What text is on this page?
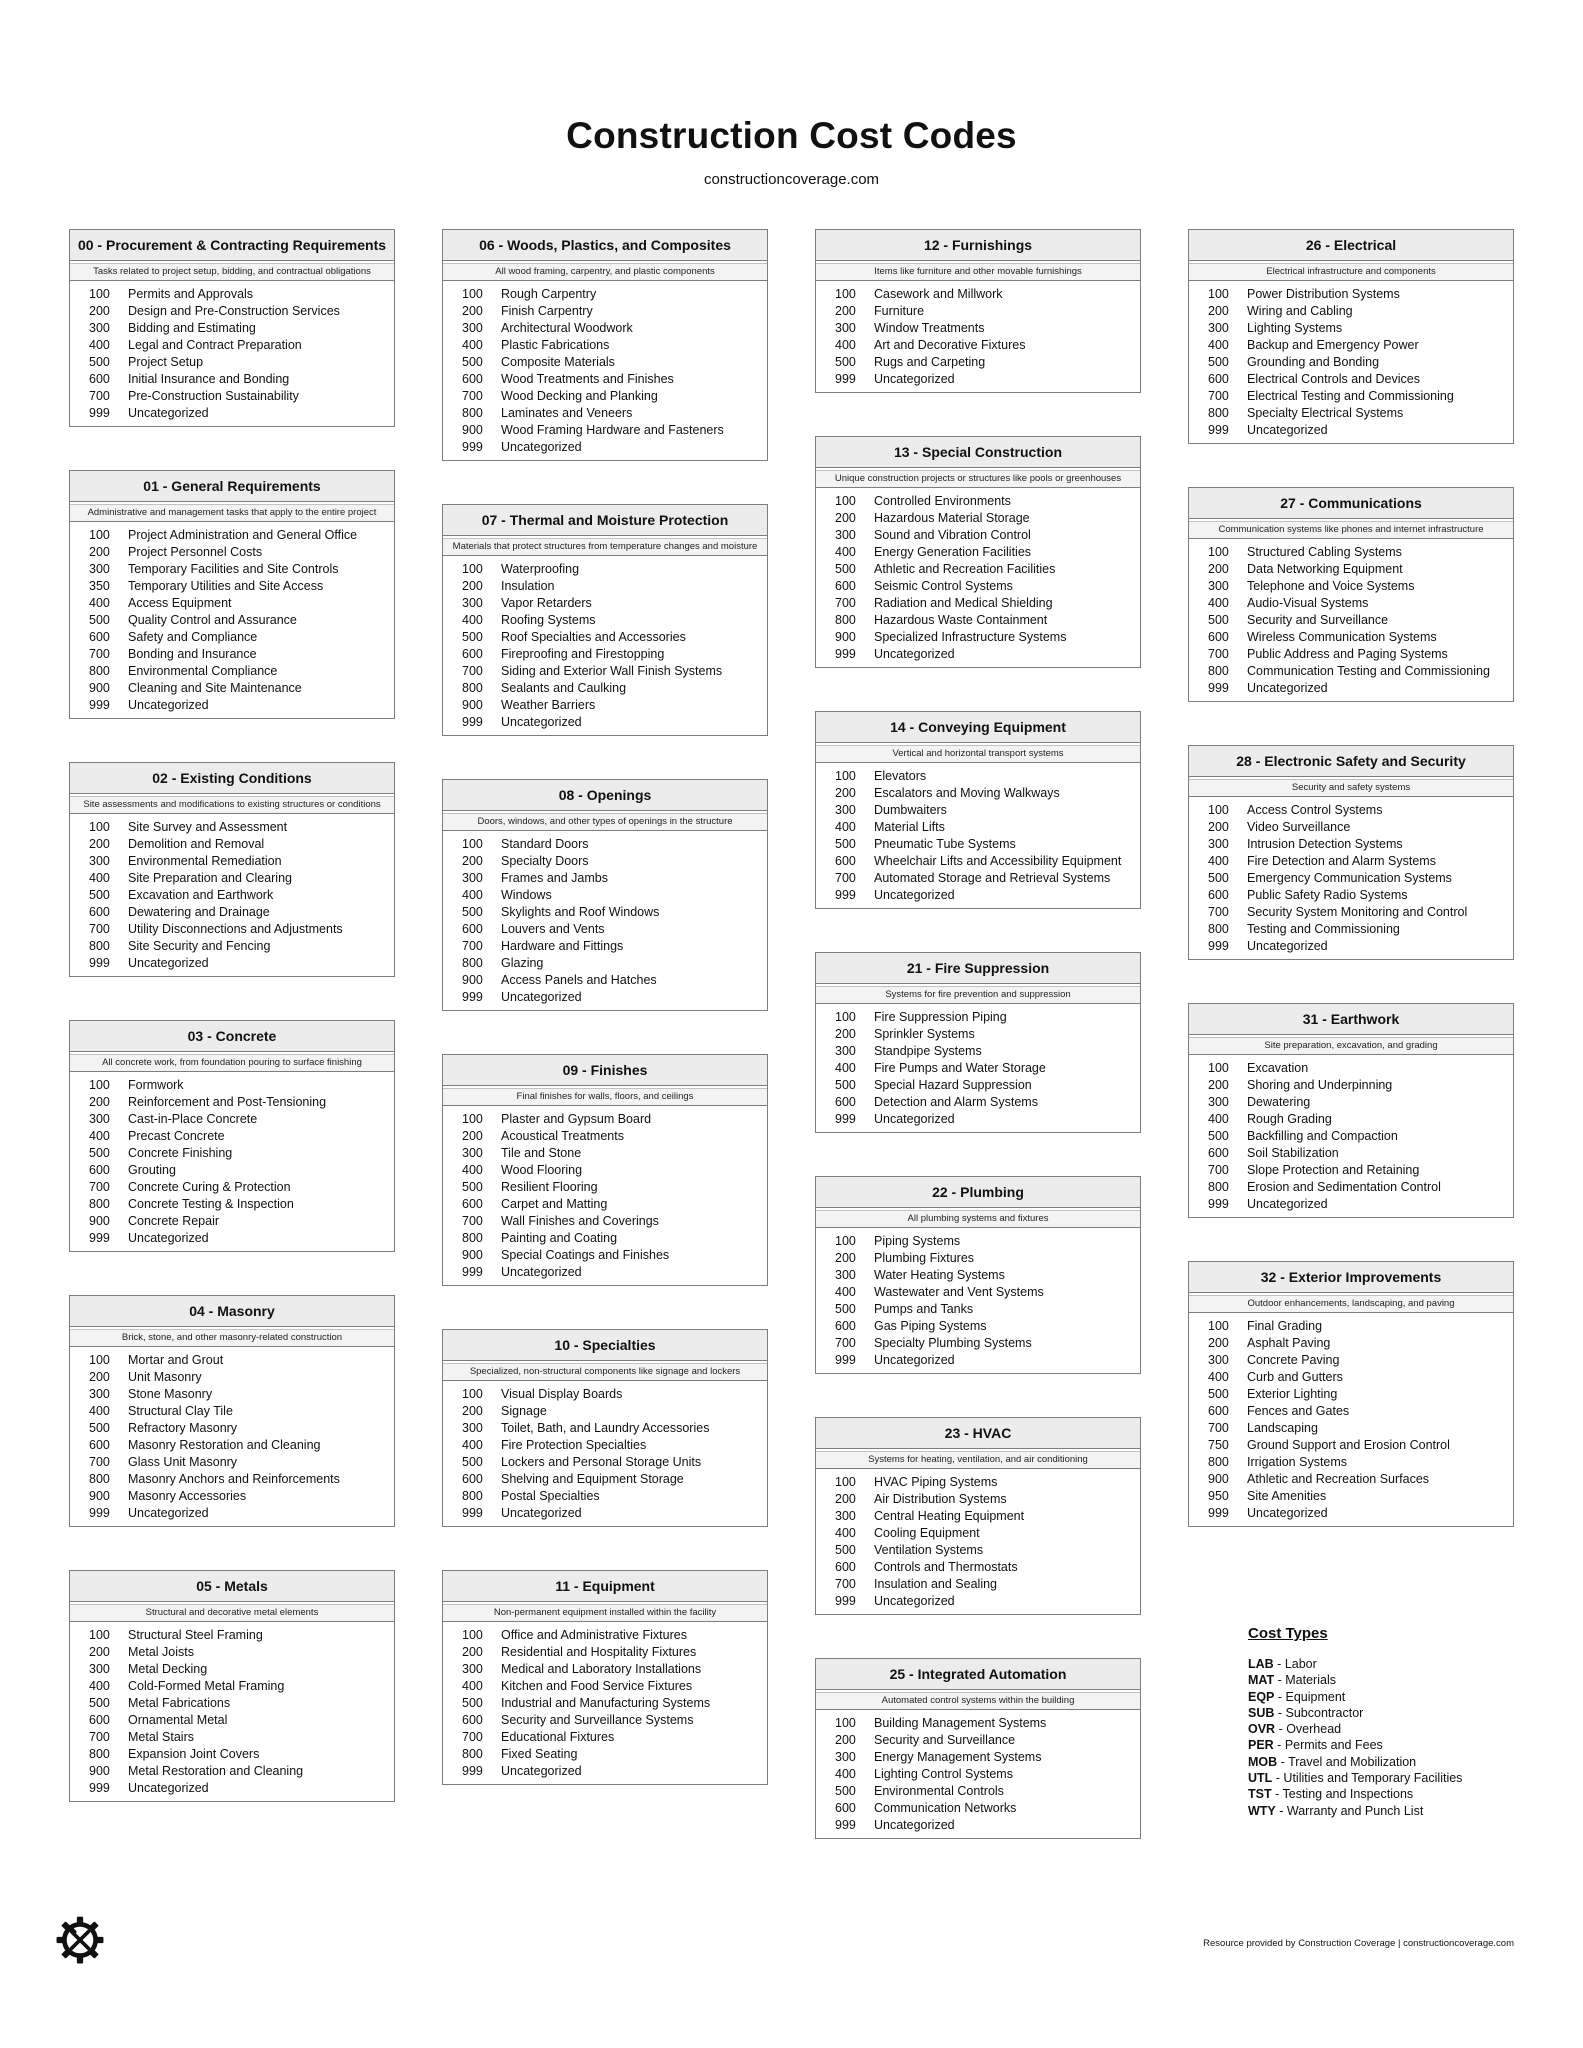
Construction Cost Codes
constructioncoverage.com
00 - Procurement & Contracting Requirements
Tasks related to project setup, bidding, and contractual obligations
100	Permits and Approvals
200	Design and Pre-Construction Services
300	Bidding and Estimating
400	Legal and Contract Preparation
500	Project Setup
600	Initial Insurance and Bonding
700	Pre-Construction Sustainability
999	Uncategorized
01 - General Requirements
Administrative and management tasks that apply to the entire project
100	Project Administration and General Office
200	Project Personnel Costs
300	Temporary Facilities and Site Controls
350	Temporary Utilities and Site Access
400	Access Equipment
500	Quality Control and Assurance
600	Safety and Compliance
700	Bonding and Insurance
800	Environmental Compliance
900	Cleaning and Site Maintenance
999	Uncategorized
02 - Existing Conditions
Site assessments and modifications to existing structures or conditions
100	Site Survey and Assessment
200	Demolition and Removal
300	Environmental Remediation
400	Site Preparation and Clearing
500	Excavation and Earthwork
600	Dewatering and Drainage
700	Utility Disconnections and Adjustments
800	Site Security and Fencing
999	Uncategorized
03 - Concrete
All concrete work, from foundation pouring to surface finishing
100	Formwork
200	Reinforcement and Post-Tensioning
300	Cast-in-Place Concrete
400	Precast Concrete
500	Concrete Finishing
600	Grouting
700	Concrete Curing & Protection
800	Concrete Testing & Inspection
900	Concrete Repair
999	Uncategorized
04 - Masonry
Brick, stone, and other masonry-related construction
100	Mortar and Grout
200	Unit Masonry
300	Stone Masonry
400	Structural Clay Tile
500	Refractory Masonry
600	Masonry Restoration and Cleaning
700	Glass Unit Masonry
800	Masonry Anchors and Reinforcements
900	Masonry Accessories
999	Uncategorized
05 - Metals
Structural and decorative metal elements
100	Structural Steel Framing
200	Metal Joists
300	Metal Decking
400	Cold-Formed Metal Framing
500	Metal Fabrications
600	Ornamental Metal
700	Metal Stairs
800	Expansion Joint Covers
900	Metal Restoration and Cleaning
999	Uncategorized
06 - Woods, Plastics, and Composites
All wood framing, carpentry, and plastic components
100	Rough Carpentry
200	Finish Carpentry
300	Architectural Woodwork
400	Plastic Fabrications
500	Composite Materials
600	Wood Treatments and Finishes
700	Wood Decking and Planking
800	Laminates and Veneers
900	Wood Framing Hardware and Fasteners
999	Uncategorized
07 - Thermal and Moisture Protection
Materials that protect structures from temperature changes and moisture
100	Waterproofing
200	Insulation
300	Vapor Retarders
400	Roofing Systems
500	Roof Specialties and Accessories
600	Fireproofing and Firestopping
700	Siding and Exterior Wall Finish Systems
800	Sealants and Caulking
900	Weather Barriers
999	Uncategorized
08 - Openings
Doors, windows, and other types of openings in the structure
100	Standard Doors
200	Specialty Doors
300	Frames and Jambs
400	Windows
500	Skylights and Roof Windows
600	Louvers and Vents
700	Hardware and Fittings
800	Glazing
900	Access Panels and Hatches
999	Uncategorized
09 - Finishes
Final finishes for walls, floors, and ceilings
100	Plaster and Gypsum Board
200	Acoustical Treatments
300	Tile and Stone
400	Wood Flooring
500	Resilient Flooring
600	Carpet and Matting
700	Wall Finishes and Coverings
800	Painting and Coating
900	Special Coatings and Finishes
999	Uncategorized
10 - Specialties
Specialized, non-structural components like signage and lockers
100	Visual Display Boards
200	Signage
300	Toilet, Bath, and Laundry Accessories
400	Fire Protection Specialties
500	Lockers and Personal Storage Units
600	Shelving and Equipment Storage
800	Postal Specialties
999	Uncategorized
11 - Equipment
Non-permanent equipment installed within the facility
100	Office and Administrative Fixtures
200	Residential and Hospitality Fixtures
300	Medical and Laboratory Installations
400	Kitchen and Food Service Fixtures
500	Industrial and Manufacturing Systems
600	Security and Surveillance Systems
700	Educational Fixtures
800	Fixed Seating
999	Uncategorized
12 - Furnishings
Items like furniture and other movable furnishings
100	Casework and Millwork
200	Furniture
300	Window Treatments
400	Art and Decorative Fixtures
500	Rugs and Carpeting
999	Uncategorized
13 - Special Construction
Unique construction projects or structures like pools or greenhouses
100	Controlled Environments
200	Hazardous Material Storage
300	Sound and Vibration Control
400	Energy Generation Facilities
500	Athletic and Recreation Facilities
600	Seismic Control Systems
700	Radiation and Medical Shielding
800	Hazardous Waste Containment
900	Specialized Infrastructure Systems
999	Uncategorized
14 - Conveying Equipment
Vertical and horizontal transport systems
100	Elevators
200	Escalators and Moving Walkways
300	Dumbwaiters
400	Material Lifts
500	Pneumatic Tube Systems
600	Wheelchair Lifts and Accessibility Equipment
700	Automated Storage and Retrieval Systems
999	Uncategorized
21 - Fire Suppression
Systems for fire prevention and suppression
100	Fire Suppression Piping
200	Sprinkler Systems
300	Standpipe Systems
400	Fire Pumps and Water Storage
500	Special Hazard Suppression
600	Detection and Alarm Systems
999	Uncategorized
22 - Plumbing
All plumbing systems and fixtures
100	Piping Systems
200	Plumbing Fixtures
300	Water Heating Systems
400	Wastewater and Vent Systems
500	Pumps and Tanks
600	Gas Piping Systems
700	Specialty Plumbing Systems
999	Uncategorized
23 - HVAC
Systems for heating, ventilation, and air conditioning
100	HVAC Piping Systems
200	Air Distribution Systems
300	Central Heating Equipment
400	Cooling Equipment
500	Ventilation Systems
600	Controls and Thermostats
700	Insulation and Sealing
999	Uncategorized
25 - Integrated Automation
Automated control systems within the building
100	Building Management Systems
200	Security and Surveillance
300	Energy Management Systems
400	Lighting Control Systems
500	Environmental Controls
600	Communication Networks
999	Uncategorized
26 - Electrical
Electrical infrastructure and components
100	Power Distribution Systems
200	Wiring and Cabling
300	Lighting Systems
400	Backup and Emergency Power
500	Grounding and Bonding
600	Electrical Controls and Devices
700	Electrical Testing and Commissioning
800	Specialty Electrical Systems
999	Uncategorized
27 - Communications
Communication systems like phones and internet infrastructure
100	Structured Cabling Systems
200	Data Networking Equipment
300	Telephone and Voice Systems
400	Audio-Visual Systems
500	Security and Surveillance
600	Wireless Communication Systems
700	Public Address and Paging Systems
800	Communication Testing and Commissioning
999	Uncategorized
28 - Electronic Safety and Security
Security and safety systems
100	Access Control Systems
200	Video Surveillance
300	Intrusion Detection Systems
400	Fire Detection and Alarm Systems
500	Emergency Communication Systems
600	Public Safety Radio Systems
700	Security System Monitoring and Control
800	Testing and Commissioning
999	Uncategorized
31 - Earthwork
Site preparation, excavation, and grading
100	Excavation
200	Shoring and Underpinning
300	Dewatering
400	Rough Grading
500	Backfilling and Compaction
600	Soil Stabilization
700	Slope Protection and Retaining
800	Erosion and Sedimentation Control
999	Uncategorized
32 - Exterior Improvements
Outdoor enhancements, landscaping, and paving
100	Final Grading
200	Asphalt Paving
300	Concrete Paving
400	Curb and Gutters
500	Exterior Lighting
600	Fences and Gates
700	Landscaping
750	Ground Support and Erosion Control
800	Irrigation Systems
900	Athletic and Recreation Surfaces
950	Site Amenities
999	Uncategorized
Cost Types
LAB - Labor
MAT - Materials
EQP - Equipment
SUB - Subcontractor
OVR - Overhead
PER - Permits and Fees
MOB - Travel and Mobilization
UTL - Utilities and Temporary Facilities
TST - Testing and Inspections
WTY - Warranty and Punch List
Resource provided by Construction Coverage | constructioncoverage.com
